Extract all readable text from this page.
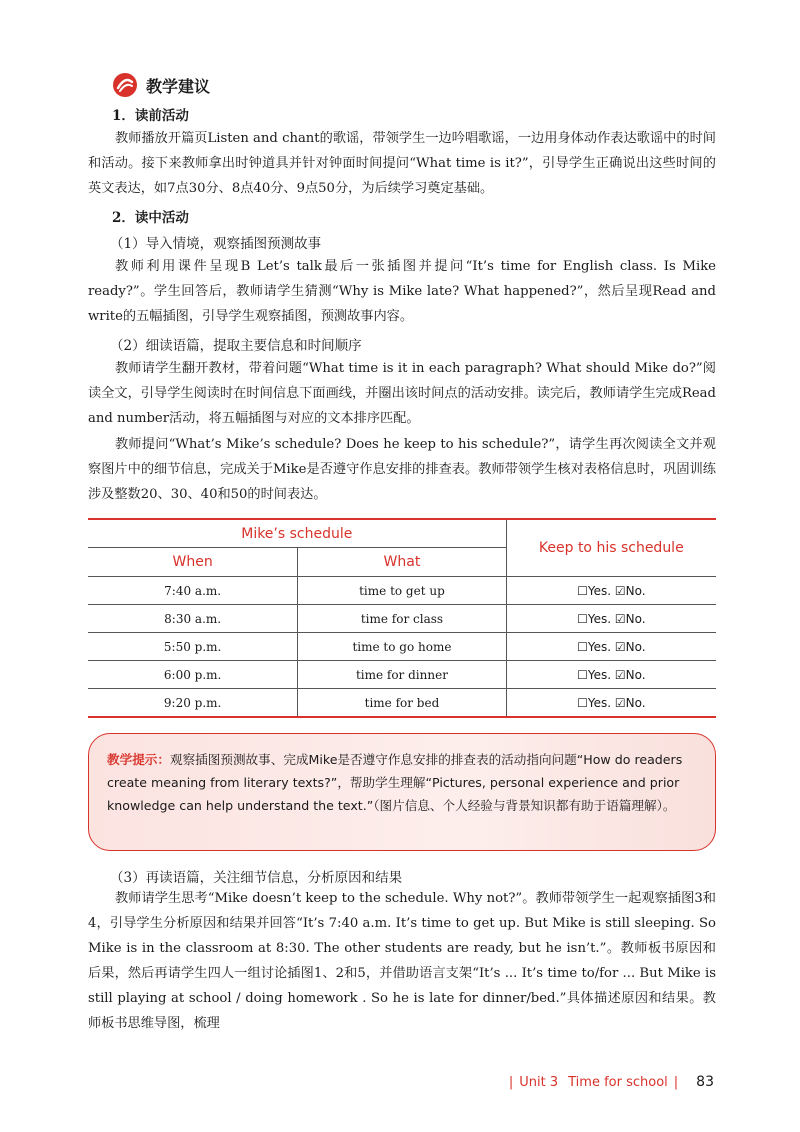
教学建议
1．读前活动
教师播放开篇页Listen and chant的歌谣，带领学生一边吟唱歌谣，一边用身体动作表达歌谣中的时间和活动。接下来教师拿出时钟道具并针对钟面时间提问“What time is it?”，引导学生正确说出这些时间的英文表达，如7点30分、8点40分、9点50分，为后续学习奠定基础。
2．读中活动
（1）导入情境，观察插图预测故事
教师利用课件呈现B Let’s talk最后一张插图并提问“It’s time for English class. Is Mike ready?”。学生回答后，教师请学生猜测“Why is Mike late? What happened?”，然后呈现Read and write的五幅插图，引导学生观察插图，预测故事内容。
（2）细读语篇，提取主要信息和时间顺序
教师请学生翻开教材，带着问题“What time is it in each paragraph? What should Mike do?”阅读全文，引导学生阅读时在时间信息下面画线，并圈出该时间点的活动安排。读完后，教师请学生完成Read and number活动，将五幅插图与对应的文本排序匹配。
教师提问“What’s Mike’s schedule? Does he keep to his schedule?”，请学生再次阅读全文并观察图片中的细节信息，完成关于Mike是否遵守作息安排的排查表。教师带领学生核对表格信息时，巩固训练涉及整数20、30、40和50的时间表达。
Mike’s schedule		Keep to his schedule
When	What	
7:40 a.m.	time to get up	☐Yes. ☑No.
8:30 a.m.	time for class	☐Yes. ☑No.
5:50 p.m.	time to go home	☐Yes. ☑No.
6:00 p.m.	time for dinner	☐Yes. ☑No.
9:20 p.m.	time for bed	☐Yes. ☑No.
教学提示：观察插图预测故事、完成Mike是否遵守作息安排的排查表的活动指向问题“How do readers create meaning from literary texts?”，帮助学生理解“Pictures, personal experience and prior knowledge can help understand the text.”（图片信息、个人经验与背景知识都有助于语篇理解）。
（3）再读语篇，关注细节信息，分析原因和结果
教师请学生思考“Mike doesn’t keep to the schedule. Why not?”。教师带领学生一起观察插图3和4，引导学生分析原因和结果并回答“It’s 7:40 a.m. It’s time to get up. But Mike is still sleeping. So Mike is in the classroom at 8:30. The other students are ready, but he isn’t.”。教师板书原因和后果，然后再请学生四人一组讨论插图1、2和5，并借助语言支架“It’s ... It’s time to/for ... But Mike is still playing at school / doing homework . So he is late for dinner/bed.”具体描述原因和结果。教师板书思维导图，梳理
| Unit 3 Time for school | 83
